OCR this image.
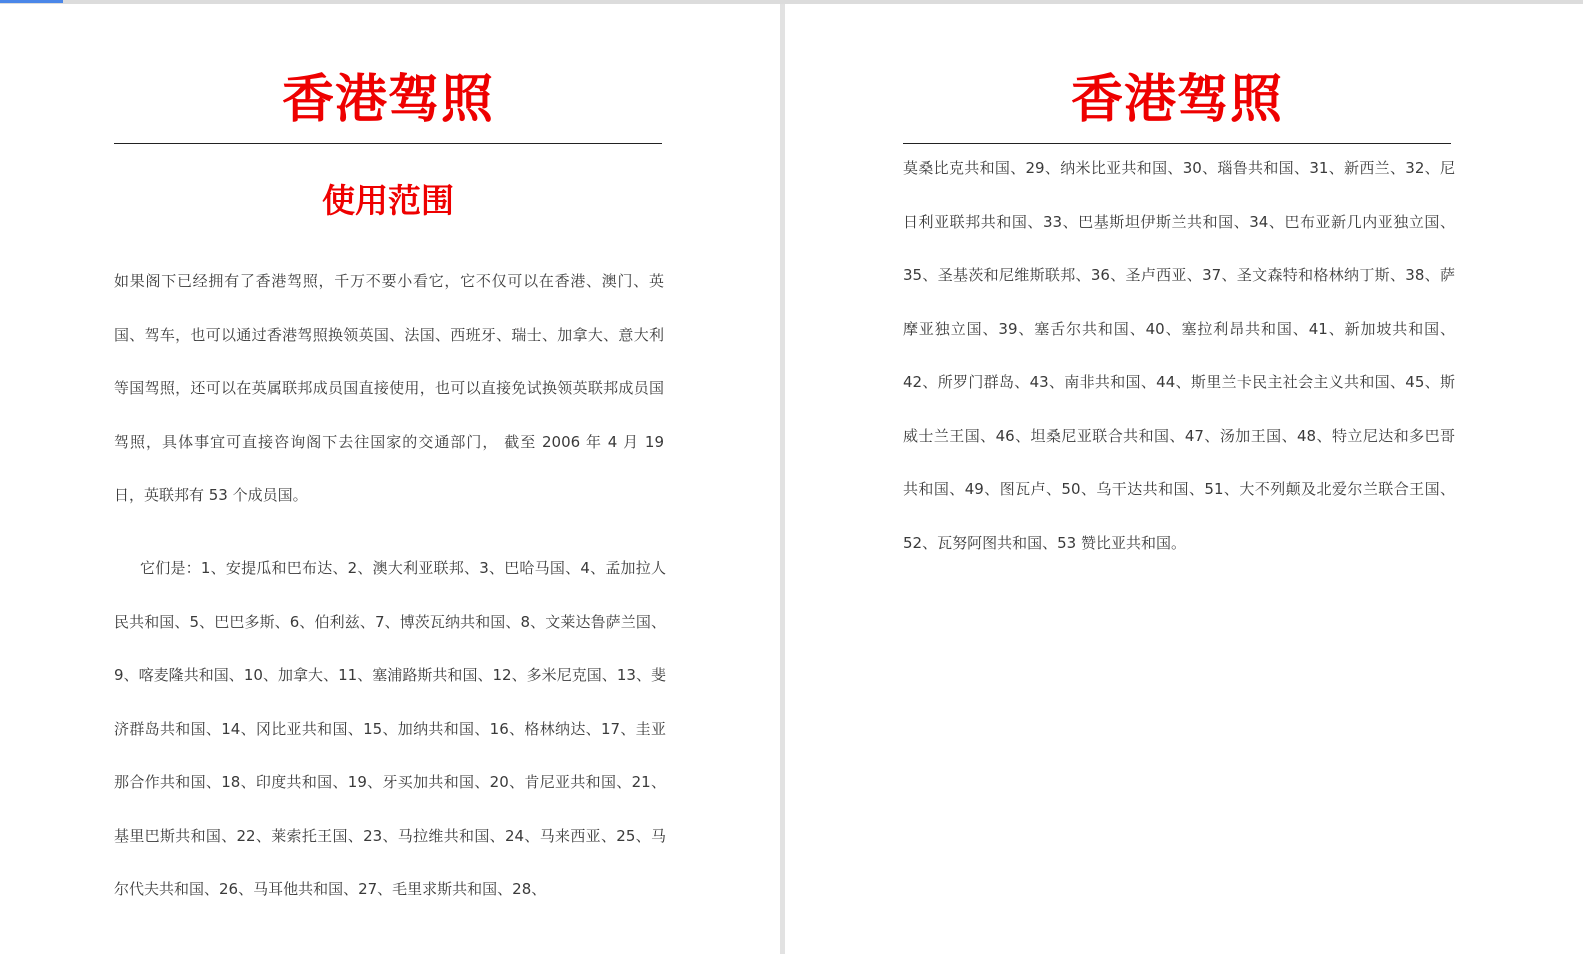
香港驾照
使用范围

如果阁下已经拥有了香港驾照，千万不要小看它，它不仅可以在香港、澳门、英国、驾车，也可以通过香港驾照换领英国、法国、西班牙、瑞士、加拿大、意大利等国驾照，还可以在英属联邦成员国直接使用，也可以直接免试换领英联邦成员国驾照，具体事宜可直接咨询阁下去往国家的交通部门， 截至 2006 年 4 月 19 日，英联邦有 53 个成员国。

它们是：1、安提瓜和巴布达、2、澳大利亚联邦、3、巴哈马国、4、孟加拉人民共和国、5、巴巴多斯、6、伯利兹、7、博茨瓦纳共和国、8、文莱达鲁萨兰国、9、喀麦隆共和国、10、加拿大、11、塞浦路斯共和国、12、多米尼克国、13、斐济群岛共和国、14、冈比亚共和国、15、加纳共和国、16、格林纳达、17、圭亚那合作共和国、18、印度共和国、19、牙买加共和国、20、肯尼亚共和国、21、基里巴斯共和国、22、莱索托王国、23、马拉维共和国、24、马来西亚、25、马尔代夫共和国、26、马耳他共和国、27、毛里求斯共和国、28、

香港驾照

莫桑比克共和国、29、纳米比亚共和国、30、瑙鲁共和国、31、新西兰、32、尼日利亚联邦共和国、33、巴基斯坦伊斯兰共和国、34、巴布亚新几内亚独立国、35、圣基茨和尼维斯联邦、36、圣卢西亚、37、圣文森特和格林纳丁斯、38、萨摩亚独立国、39、塞舌尔共和国、40、塞拉利昂共和国、41、新加坡共和国、42、所罗门群岛、43、南非共和国、44、斯里兰卡民主社会主义共和国、45、斯威士兰王国、46、坦桑尼亚联合共和国、47、汤加王国、48、特立尼达和多巴哥共和国、49、图瓦卢、50、乌干达共和国、51、大不列颠及北爱尔兰联合王国、52、瓦努阿图共和国、53 赞比亚共和国。
